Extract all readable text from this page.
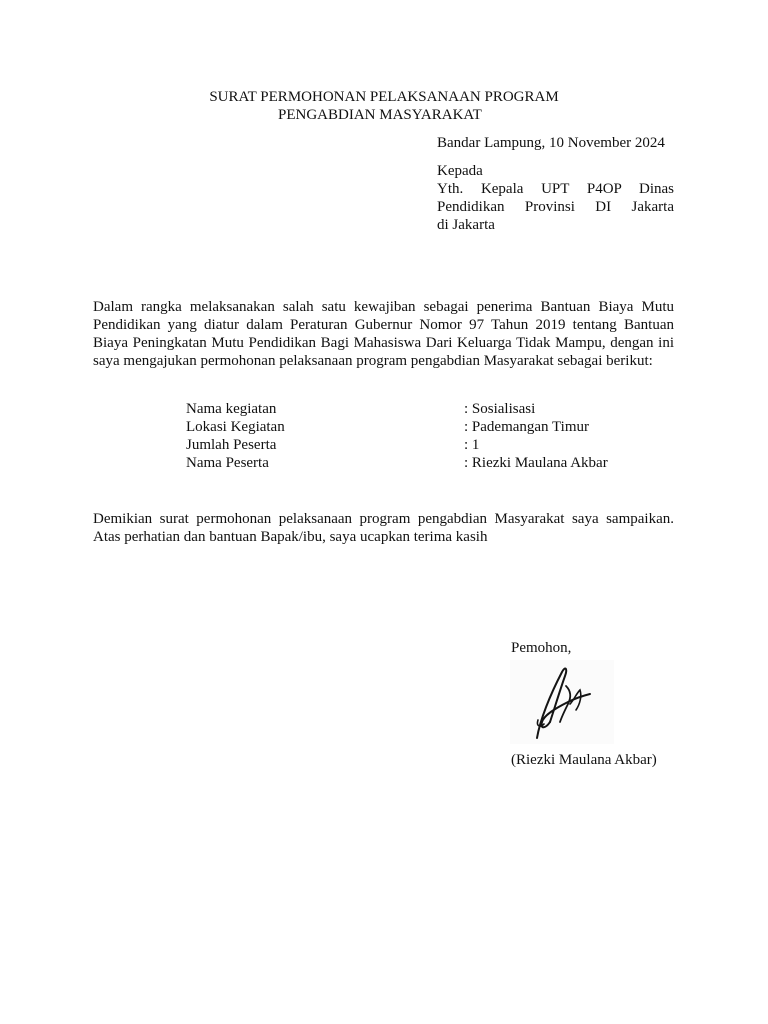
SURAT PERMOHONAN PELAKSANAAN PROGRAM
PENGABDIAN MASYARAKAT
Bandar Lampung, 10 November 2024
Kepada
Yth. Kepala UPT P4OP Dinas
Pendidikan Provinsi DI Jakarta
di Jakarta
Dalam rangka melaksanakan salah satu kewajiban sebagai penerima Bantuan Biaya Mutu Pendidikan yang diatur dalam Peraturan Gubernur Nomor 97 Tahun 2019 tentang Bantuan Biaya Peningkatan Mutu Pendidikan Bagi Mahasiswa Dari Keluarga Tidak Mampu, dengan ini saya mengajukan permohonan pelaksanaan program pengabdian Masyarakat sebagai berikut:
Nama kegiatan	: Sosialisasi
Lokasi Kegiatan	: Pademangan Timur
Jumlah Peserta	: 1
Nama Peserta	: Riezki Maulana Akbar
Demikian surat permohonan pelaksanaan program pengabdian Masyarakat saya sampaikan. Atas perhatian dan bantuan Bapak/ibu, saya ucapkan terima kasih
Pemohon,
(Riezki Maulana Akbar)
